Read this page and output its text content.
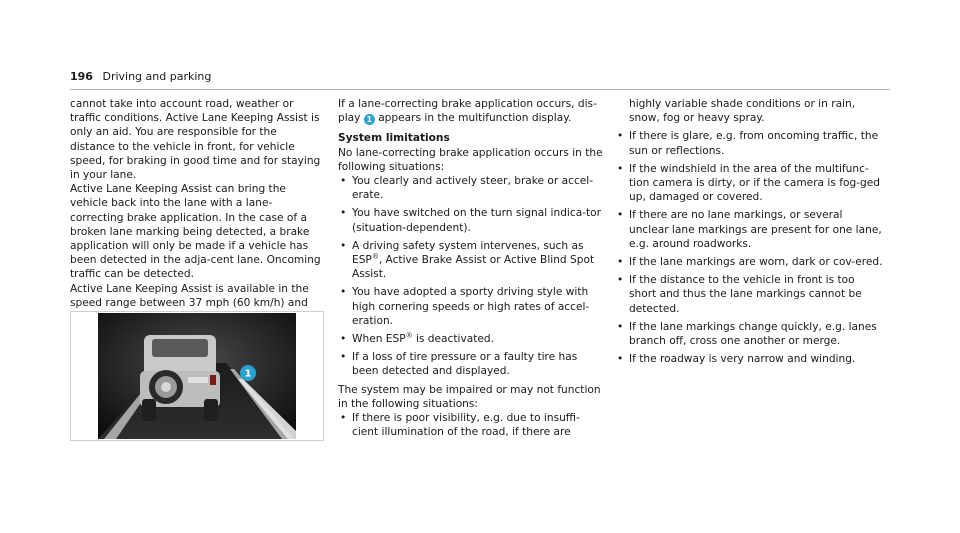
196 Driving and parking

cannot take into account road, weather or traffic conditions. Active Lane Keeping Assist is only an aid. You are responsible for the distance to the vehicle in front, for vehicle speed, for braking in good time and for staying in your lane.

Active Lane Keeping Assist can bring the vehicle back into the lane with a lane-correcting brake application. In the case of a broken lane marking being detected, a brake application will only be made if a vehicle has been detected in the adja-cent lane. Oncoming traffic can be detected.

Active Lane Keeping Assist is available in the speed range between 37 mph (60 km/h) and

1

If a lane-correcting brake application occurs, dis-play 1 appears in the multifunction display.

System limitations

No lane-correcting brake application occurs in the following situations:

• You clearly and actively steer, brake or accel-erate.
• You have switched on the turn signal indica-tor (situation-dependent).
• A driving safety system intervenes, such as ESP®, Active Brake Assist or Active Blind Spot Assist.
• You have adopted a sporty driving style with high cornering speeds or high rates of accel-eration.
• When ESP® is deactivated.
• If a loss of tire pressure or a faulty tire has been detected and displayed.

The system may be impaired or may not function in the following situations:

• If there is poor visibility, e.g. due to insuffi-cient illumination of the road, if there are

highly variable shade conditions or in rain, snow, fog or heavy spray.

• If there is glare, e.g. from oncoming traffic, the sun or reflections.
• If the windshield in the area of the multifunc-tion camera is dirty, or if the camera is fog-ged up, damaged or covered.
• If there are no lane markings, or several unclear lane markings are present for one lane, e.g. around roadworks.
• If the lane markings are worn, dark or cov-ered.
• If the distance to the vehicle in front is too short and thus the lane markings cannot be detected.
• If the lane markings change quickly, e.g. lanes branch off, cross one another or merge.
• If the roadway is very narrow and winding.
